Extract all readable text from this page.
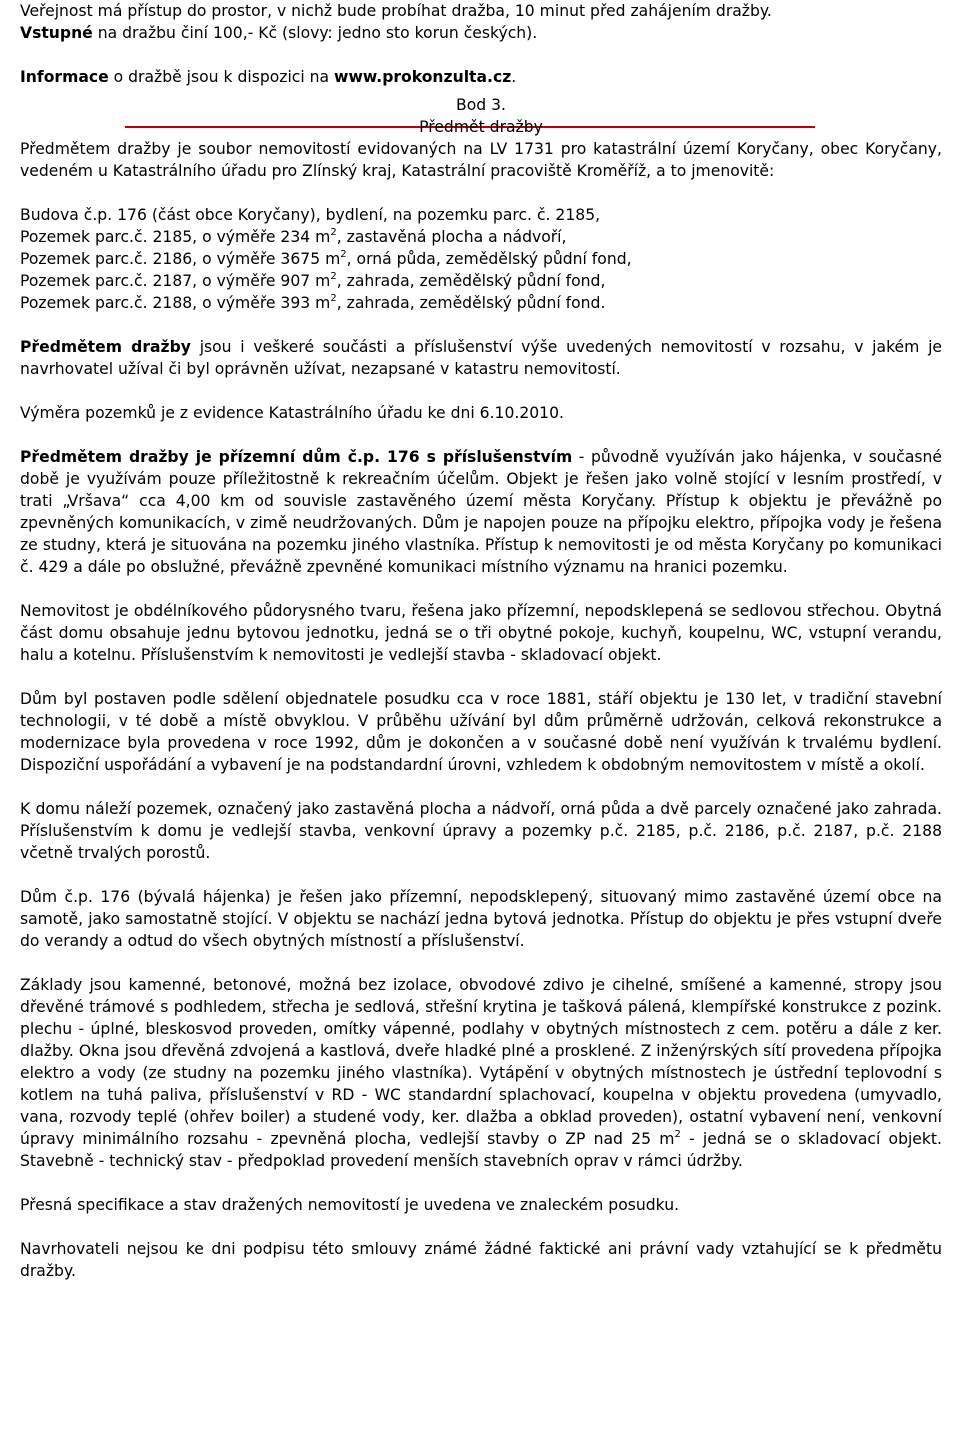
Veřejnost má přístup do prostor, v nichž bude probíhat dražba, 10 minut před zahájením dražby.

Vstupné na dražbu činí 100,- Kč (slovy: jedno sto korun českých).

Informace o dražbě jsou k dispozici na www.prokonzulta.cz.

Bod 3.

Předmět dražby

Předmětem dražby je soubor nemovitostí evidovaných na LV 1731 pro katastrální území Koryčany, obec Koryčany, vedeném u Katastrálního úřadu pro Zlínský kraj, Katastrální pracoviště Kroměříž, a to jmenovitě:

Budova č.p. 176 (část obce Koryčany), bydlení, na pozemku parc. č. 2185,

Pozemek parc.č. 2185, o výměře 234 $m^2$, zastavěná plocha a nádvoří,

Pozemek parc.č. 2186, o výměře 3675 $m^2$, orná půda, zemědělský půdní fond,

Pozemek parc.č. 2187, o výměře 907 $m^2$, zahrada, zemědělský půdní fond,

Pozemek parc.č. 2188, o výměře 393 $m^2$, zahrada, zemědělský půdní fond.

Předmětem dražby jsou i veškeré součásti a příslušenství výše uvedených nemovitostí v rozsahu, v jakém je navrhovatel užíval či byl oprávněn užívat, nezapsané v katastru nemovitostí.

Výměra pozemků je z evidence Katastrálního úřadu ke dni 6.10.2010.

Předmětem dražby je přízemní dům č.p. 176 s příslušenstvím - původně využíván jako hájenka, v současné době je využívám pouze příležitostně k rekreačním účelům. Objekt je řešen jako volně stojící v lesním prostředí, v trati „Vršava“ cca 4,00 km od souvisle zastavěného území města Koryčany. Přístup k objektu je převážně po zpevněných komunikacích, v zimě neudržovaných. Dům je napojen pouze na přípojku elektro, přípojka vody je řešena ze studny, která je situována na pozemku jiného vlastníka. Přístup k nemovitosti je od města Koryčany po komunikaci č. 429 a dále po obslužné, převážně zpevněné komunikaci místního významu na hranici pozemku.

Nemovitost je obdélníkového půdorysného tvaru, řešena jako přízemní, nepodsklepená se sedlovou střechou. Obytná část domu obsahuje jednu bytovou jednotku, jedná se o tři obytné pokoje, kuchyň, koupelnu, WC, vstupní verandu, halu a kotelnu. Příslušenstvím k nemovitosti je vedlejší stavba - skladovací objekt.

Dům byl postaven podle sdělení objednatele posudku cca v roce 1881, stáří objektu je 130 let, v tradiční stavební technologii, v té době a místě obvyklou. V průběhu užívání byl dům průměrně udržován, celková rekonstrukce a modernizace byla provedena v roce 1992, dům je dokončen a v současné době není využíván k trvalému bydlení. Dispoziční uspořádání a vybavení je na podstandardní úrovni, vzhledem k obdobným nemovitostem v místě a okolí.

K domu náleží pozemek, označený jako zastavěná plocha a nádvoří, orná půda a dvě parcely označené jako zahrada. Příslušenstvím k domu je vedlejší stavba, venkovní úpravy a pozemky p.č. 2185, p.č. 2186, p.č. 2187, p.č. 2188 včetně trvalých porostů.

Dům č.p. 176 (bývalá hájenka) je řešen jako přízemní, nepodsklepený, situovaný mimo zastavěné území obce na samotě, jako samostatně stojící. V objektu se nachází jedna bytová jednotka. Přístup do objektu je přes vstupní dveře do verandy a odtud do všech obytných místností a příslušenství.

Základy jsou kamenné, betonové, možná bez izolace, obvodové zdivo je cihelné, smíšené a kamenné, stropy jsou dřevěné trámové s podhledem, střecha je sedlová, střešní krytina je tašková pálená, klempířské konstrukce z pozink. plechu - úplné, bleskosvod proveden, omítky vápenné, podlahy v obytných místnostech z cem. potěru a dále z ker. dlažby. Okna jsou dřevěná zdvojená a kastlová, dveře hladké plné a prosklené. Z inženýrských sítí provedena přípojka elektro a vody (ze studny na pozemku jiného vlastníka). Vytápění v obytných místnostech je ústřední teplovodní s kotlem na tuhá paliva, příslušenství v RD - WC standardní splachovací, koupelna v objektu provedena (umyvadlo, vana, rozvody teplé (ohřev boiler) a studené vody, ker. dlažba a obklad proveden), ostatní vybavení není, venkovní úpravy minimálního rozsahu - zpevněná plocha, vedlejší stavby o ZP nad 25 $m^2$ - jedná se o skladovací objekt. Stavebně - technický stav - předpoklad provedení menších stavebních oprav v rámci údržby.

Přesná specifikace a stav dražených nemovitostí je uvedena ve znaleckém posudku.

Navrhovateli nejsou ke dni podpisu této smlouvy známé žádné faktické ani právní vady vztahující se k předmětu dražby.
